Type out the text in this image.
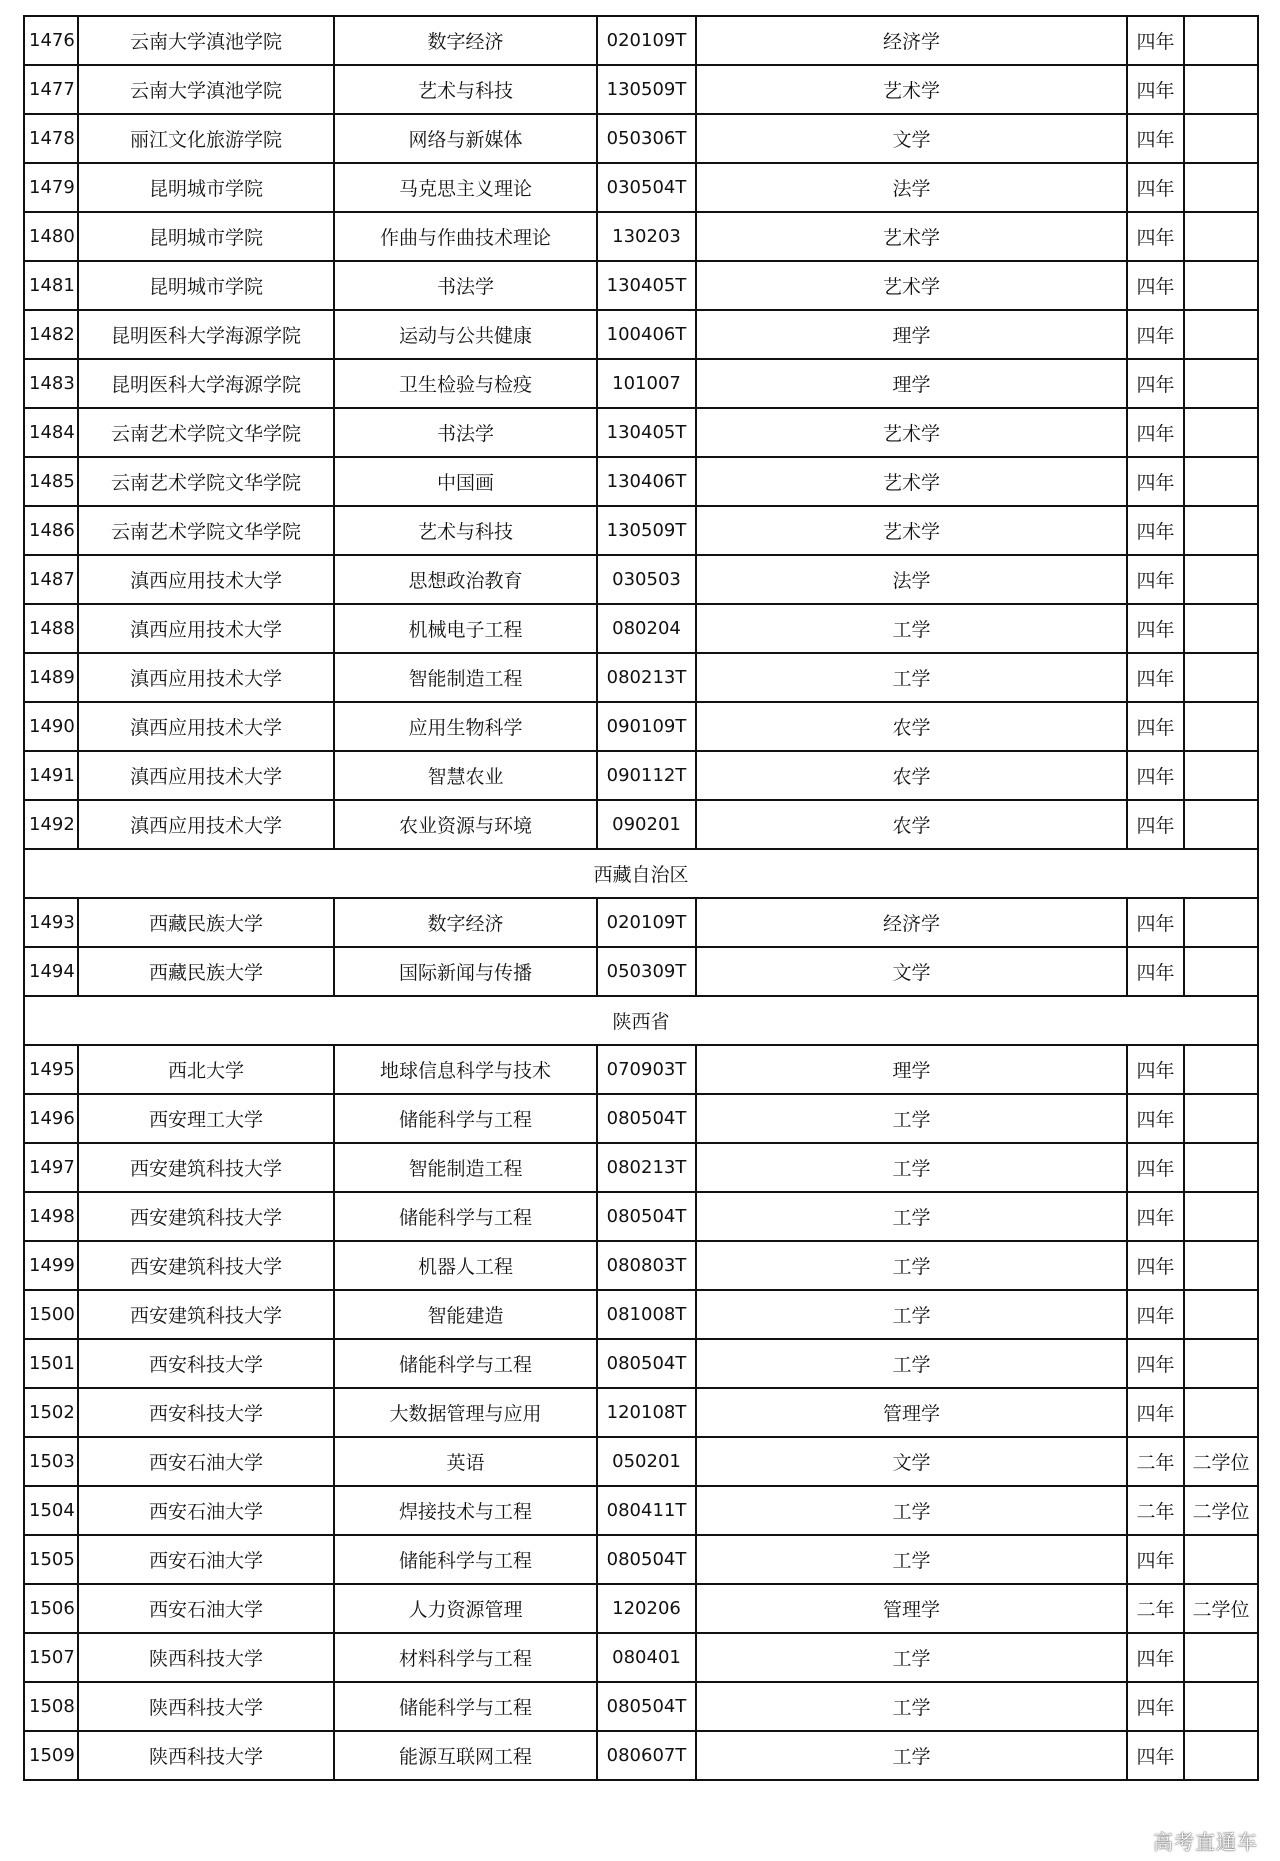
1476	云南大学滇池学院	数字经济	020109T	经济学	四年	
1477	云南大学滇池学院	艺术与科技	130509T	艺术学	四年	
1478	丽江文化旅游学院	网络与新媒体	050306T	文学	四年	
1479	昆明城市学院	马克思主义理论	030504T	法学	四年	
1480	昆明城市学院	作曲与作曲技术理论	130203	艺术学	四年	
1481	昆明城市学院	书法学	130405T	艺术学	四年	
1482	昆明医科大学海源学院	运动与公共健康	100406T	理学	四年	
1483	昆明医科大学海源学院	卫生检验与检疫	101007	理学	四年	
1484	云南艺术学院文华学院	书法学	130405T	艺术学	四年	
1485	云南艺术学院文华学院	中国画	130406T	艺术学	四年	
1486	云南艺术学院文华学院	艺术与科技	130509T	艺术学	四年	
1487	滇西应用技术大学	思想政治教育	030503	法学	四年	
1488	滇西应用技术大学	机械电子工程	080204	工学	四年	
1489	滇西应用技术大学	智能制造工程	080213T	工学	四年	
1490	滇西应用技术大学	应用生物科学	090109T	农学	四年	
1491	滇西应用技术大学	智慧农业	090112T	农学	四年	
1492	滇西应用技术大学	农业资源与环境	090201	农学	四年	
西藏自治区						
1493	西藏民族大学	数字经济	020109T	经济学	四年	
1494	西藏民族大学	国际新闻与传播	050309T	文学	四年	
陕西省						
1495	西北大学	地球信息科学与技术	070903T	理学	四年	
1496	西安理工大学	储能科学与工程	080504T	工学	四年	
1497	西安建筑科技大学	智能制造工程	080213T	工学	四年	
1498	西安建筑科技大学	储能科学与工程	080504T	工学	四年	
1499	西安建筑科技大学	机器人工程	080803T	工学	四年	
1500	西安建筑科技大学	智能建造	081008T	工学	四年	
1501	西安科技大学	储能科学与工程	080504T	工学	四年	
1502	西安科技大学	大数据管理与应用	120108T	管理学	四年	
1503	西安石油大学	英语	050201	文学	二年	二学位
1504	西安石油大学	焊接技术与工程	080411T	工学	二年	二学位
1505	西安石油大学	储能科学与工程	080504T	工学	四年	
1506	西安石油大学	人力资源管理	120206	管理学	二年	二学位
1507	陕西科技大学	材料科学与工程	080401	工学	四年	
1508	陕西科技大学	储能科学与工程	080504T	工学	四年	
1509	陕西科技大学	能源互联网工程	080607T	工学	四年	
高考直通车
